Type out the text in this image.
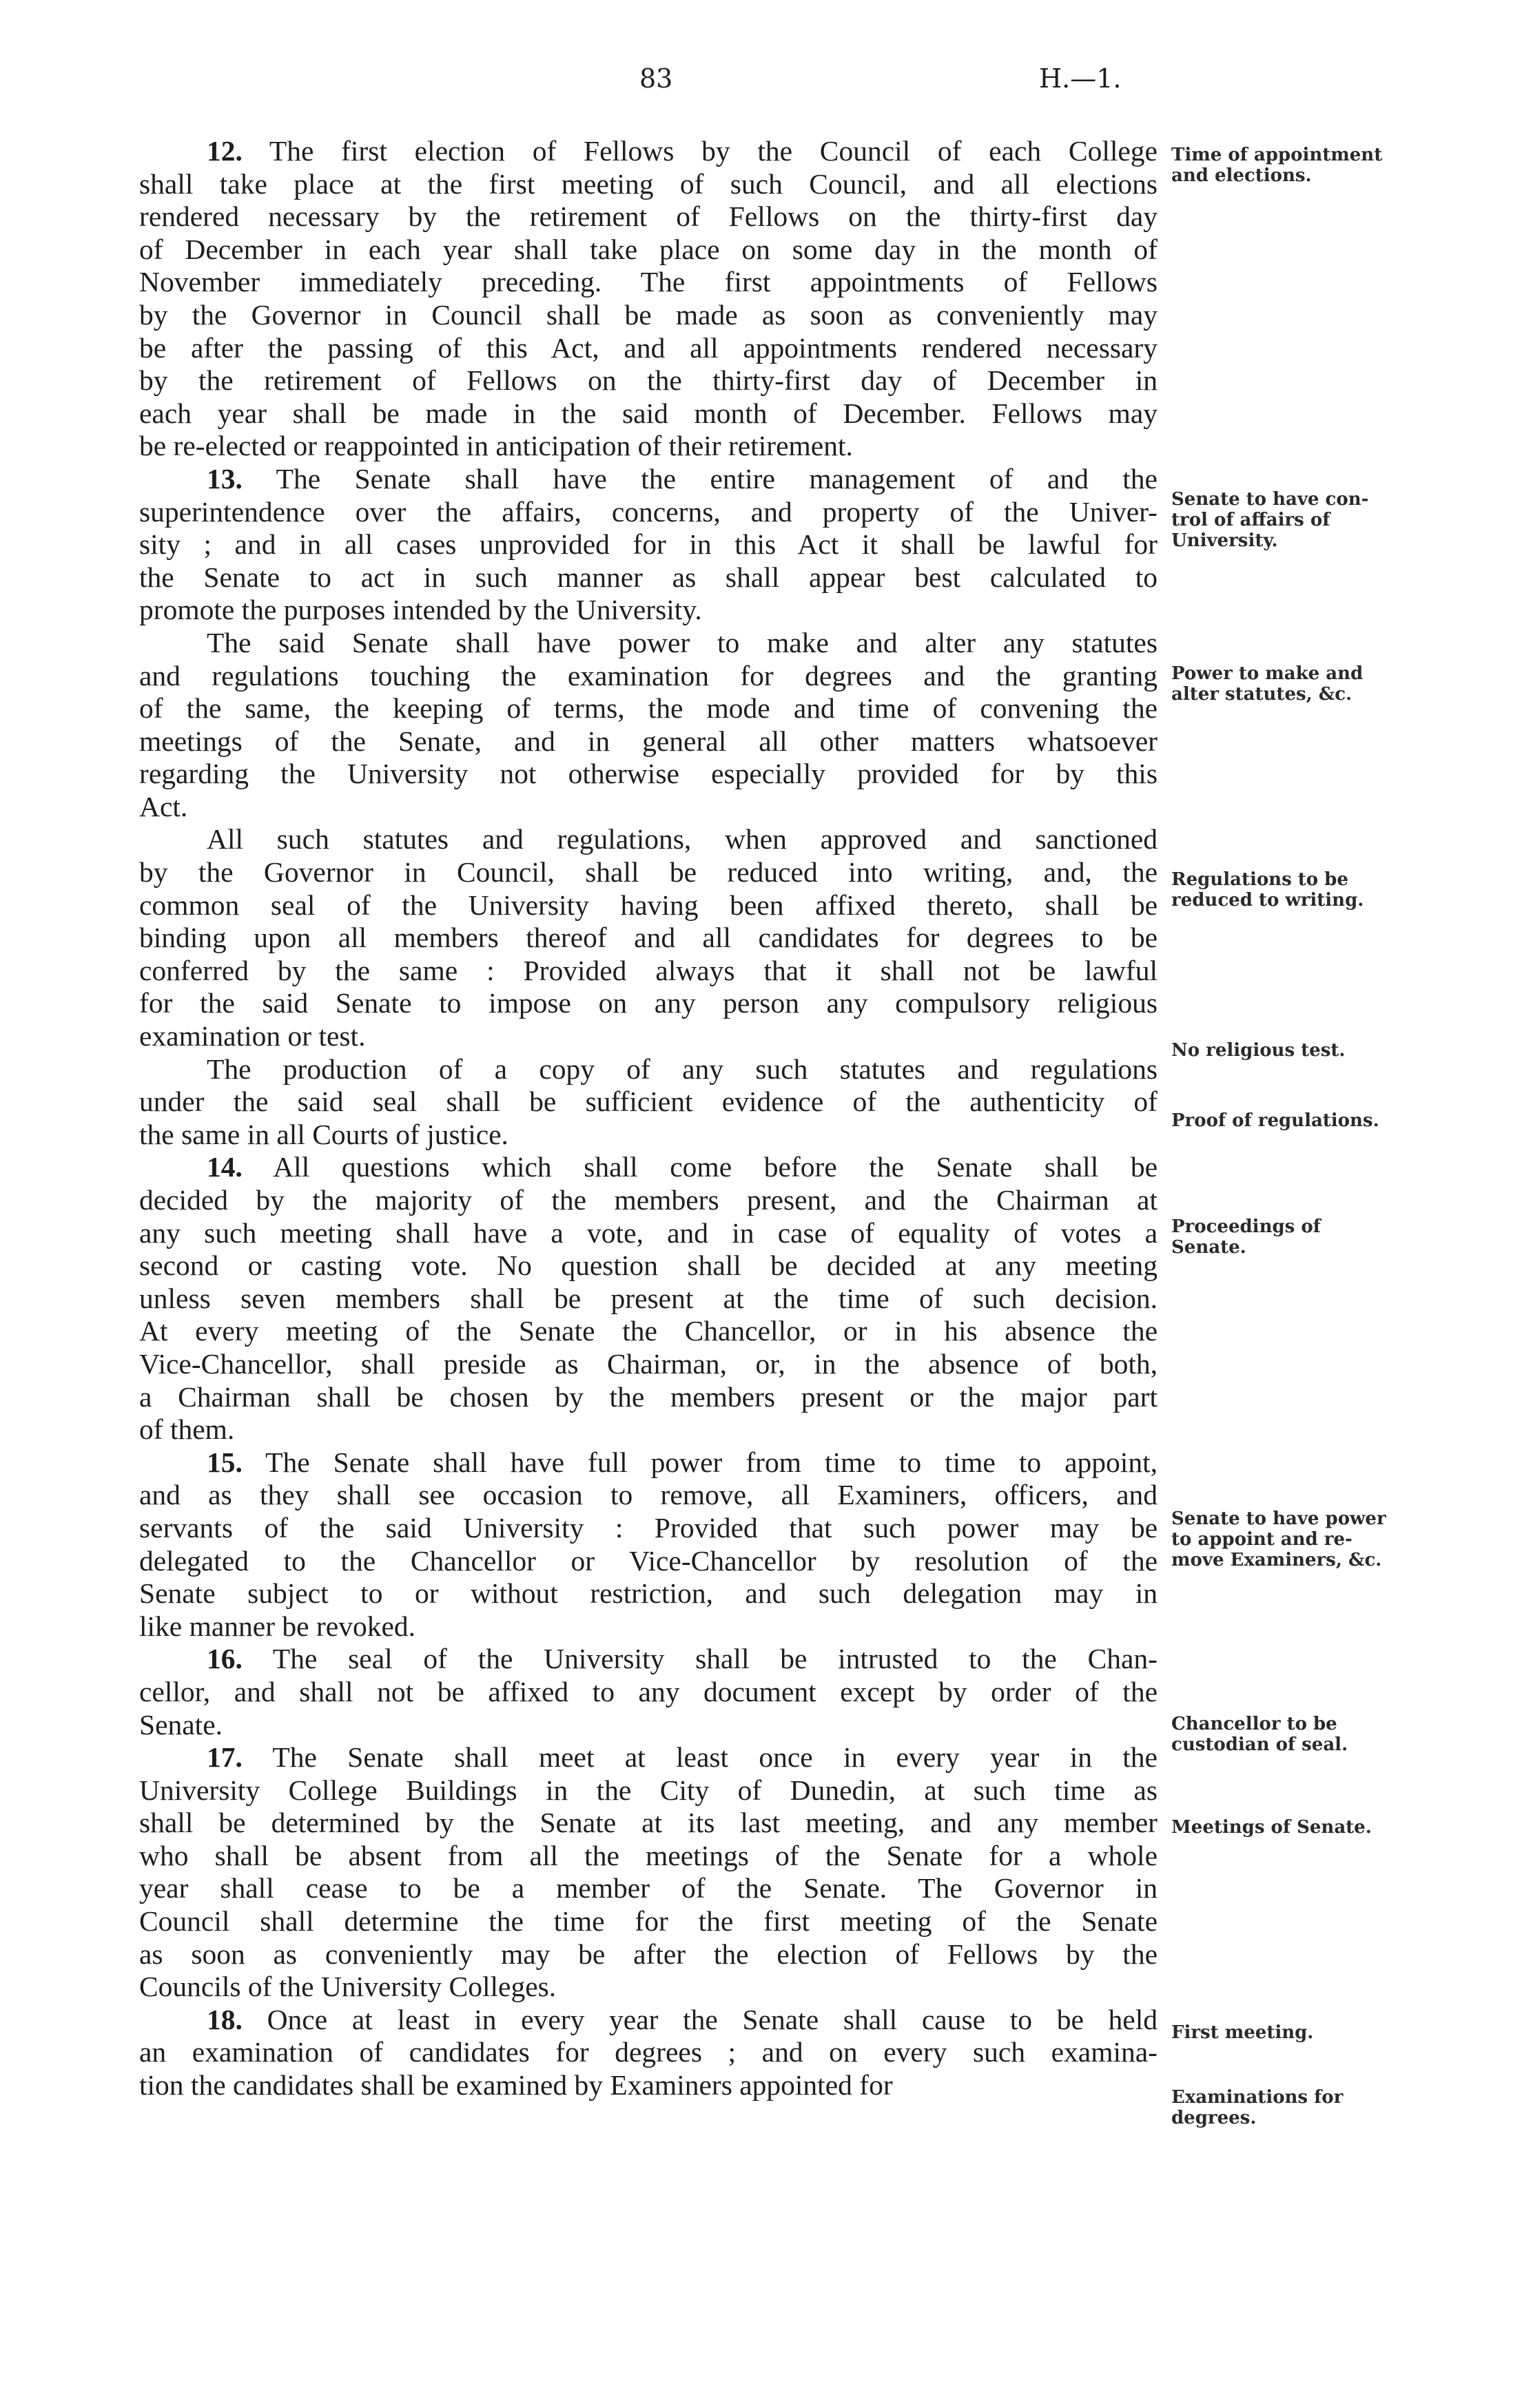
83	H.—1.
12. The first election of Fellows by the Council of each College
shall take place at the first meeting of such Council, and all elections
rendered necessary by the retirement of Fellows on the thirty-first day
of December in each year shall take place on some day in the month of
November immediately preceding. The first appointments of Fellows
by the Governor in Council shall be made as soon as conveniently may
be after the passing of this Act, and all appointments rendered necessary
by the retirement of Fellows on the thirty-first day of December in
each year shall be made in the said month of December. Fellows may
be re-elected or reappointed in anticipation of their retirement.
13. The Senate shall have the entire management of and the
superintendence over the affairs, concerns, and property of the Univer-
sity ; and in all cases unprovided for in this Act it shall be lawful for
the Senate to act in such manner as shall appear best calculated to
promote the purposes intended by the University.
The said Senate shall have power to make and alter any statutes
and regulations touching the examination for degrees and the granting
of the same, the keeping of terms, the mode and time of convening the
meetings of the Senate, and in general all other matters whatsoever
regarding the University not otherwise especially provided for by this
Act.
All such statutes and regulations, when approved and sanctioned
by the Governor in Council, shall be reduced into writing, and, the
common seal of the University having been affixed thereto, shall be
binding upon all members thereof and all candidates for degrees to be
conferred by the same : Provided always that it shall not be lawful
for the said Senate to impose on any person any compulsory religious
examination or test.
The production of a copy of any such statutes and regulations
under the said seal shall be sufficient evidence of the authenticity of
the same in all Courts of justice.
14. All questions which shall come before the Senate shall be
decided by the majority of the members present, and the Chairman at
any such meeting shall have a vote, and in case of equality of votes a
second or casting vote. No question shall be decided at any meeting
unless seven members shall be present at the time of such decision.
At every meeting of the Senate the Chancellor, or in his absence the
Vice-Chancellor, shall preside as Chairman, or, in the absence of both,
a Chairman shall be chosen by the members present or the major part
of them.
15. The Senate shall have full power from time to time to appoint,
and as they shall see occasion to remove, all Examiners, officers, and
servants of the said University : Provided that such power may be
delegated to the Chancellor or Vice-Chancellor by resolution of the
Senate subject to or without restriction, and such delegation may in
like manner be revoked.
16. The seal of the University shall be intrusted to the Chan-
cellor, and shall not be affixed to any document except by order of the
Senate.
17. The Senate shall meet at least once in every year in the
University College Buildings in the City of Dunedin, at such time as
shall be determined by the Senate at its last meeting, and any member
who shall be absent from all the meetings of the Senate for a whole
year shall cease to be a member of the Senate. The Governor in
Council shall determine the time for the first meeting of the Senate
as soon as conveniently may be after the election of Fellows by the
Councils of the University Colleges.
18. Once at least in every year the Senate shall cause to be held
an examination of candidates for degrees ; and on every such examina-
tion the candidates shall be examined by Examiners appointed for
Time of appointment
and elections.
Senate to have con-
trol of affairs of
University.
Power to make and
alter statutes, &c.
Regulations to be
reduced to writing.
No religious test.
Proof of regulations.
Proceedings of
Senate.
Senate to have power
to appoint and re-
move Examiners, &c.
Chancellor to be
custodian of seal.
Meetings of Senate.
First meeting.
Examinations for
degrees.
